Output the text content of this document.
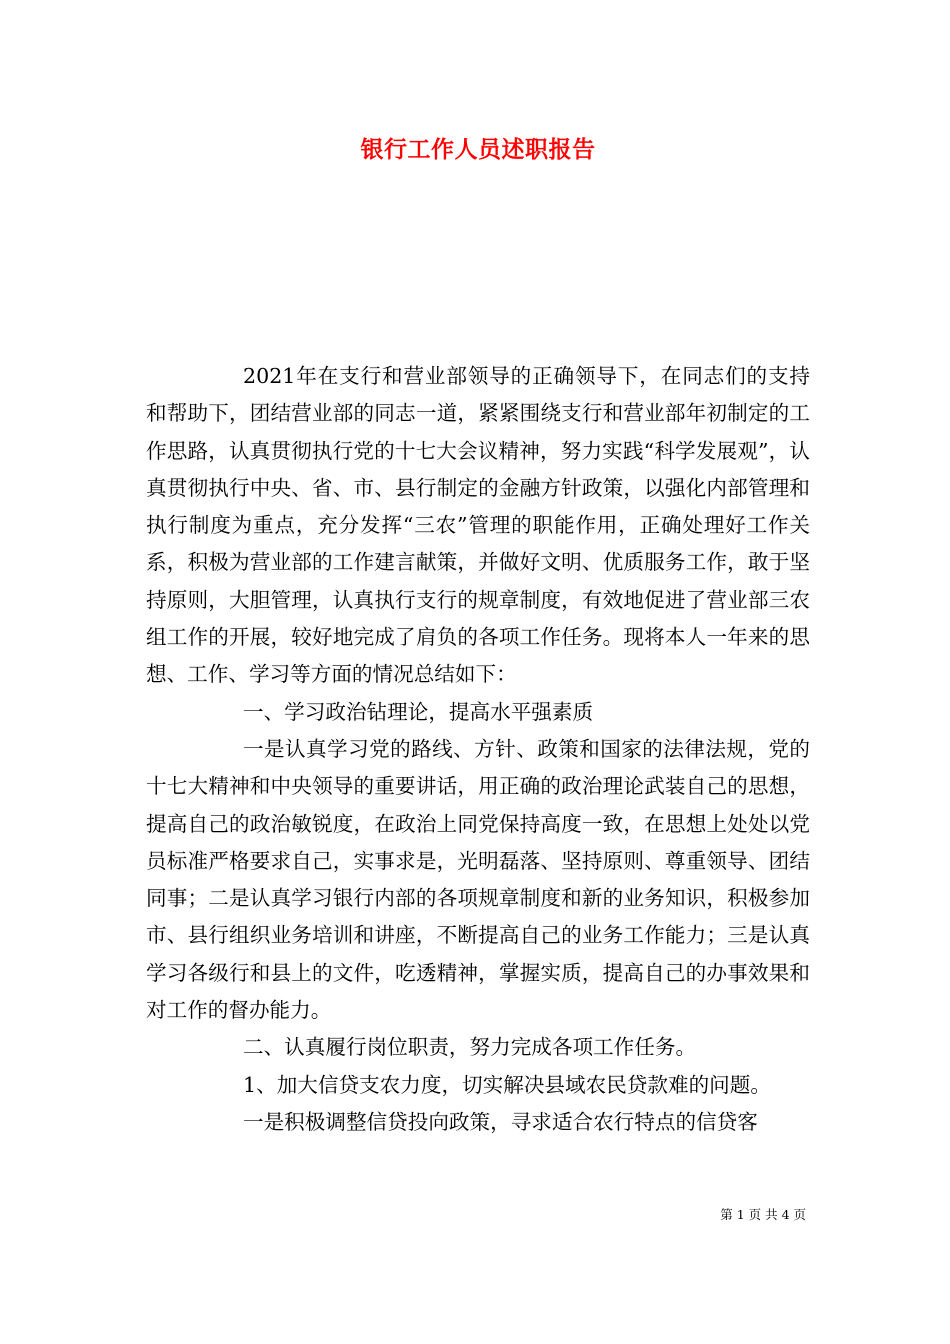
银行工作人员述职报告

2021年在支行和营业部领导的正确领导下，在同志们的支持和帮助下，团结营业部的同志一道，紧紧围绕支行和营业部年初制定的工作思路，认真贯彻执行党的十七大会议精神，努力实践“科学发展观”，认真贯彻执行中央、省、市、县行制定的金融方针政策，以强化内部管理和执行制度为重点，充分发挥“三农”管理的职能作用，正确处理好工作关系，积极为营业部的工作建言献策，并做好文明、优质服务工作，敢于坚持原则，大胆管理，认真执行支行的规章制度，有效地促进了营业部三农组工作的开展，较好地完成了肩负的各项工作任务。现将本人一年来的思想、工作、学习等方面的情况总结如下：

一、学习政治钻理论，提高水平强素质

一是认真学习党的路线、方针、政策和国家的法律法规，党的十七大精神和中央领导的重要讲话，用正确的政治理论武装自己的思想，提高自己的政治敏锐度，在政治上同党保持高度一致，在思想上处处以党员标准严格要求自己，实事求是，光明磊落、坚持原则、尊重领导、团结同事；二是认真学习银行内部的各项规章制度和新的业务知识，积极参加市、县行组织业务培训和讲座，不断提高自己的业务工作能力；三是认真学习各级行和县上的文件，吃透精神，掌握实质，提高自己的办事效果和对工作的督办能力。

二、认真履行岗位职责，努力完成各项工作任务。

1、加大信贷支农力度，切实解决县域农民贷款难的问题。

一是积极调整信贷投向政策，寻求适合农行特点的信贷客

第 1 页 共 4 页
